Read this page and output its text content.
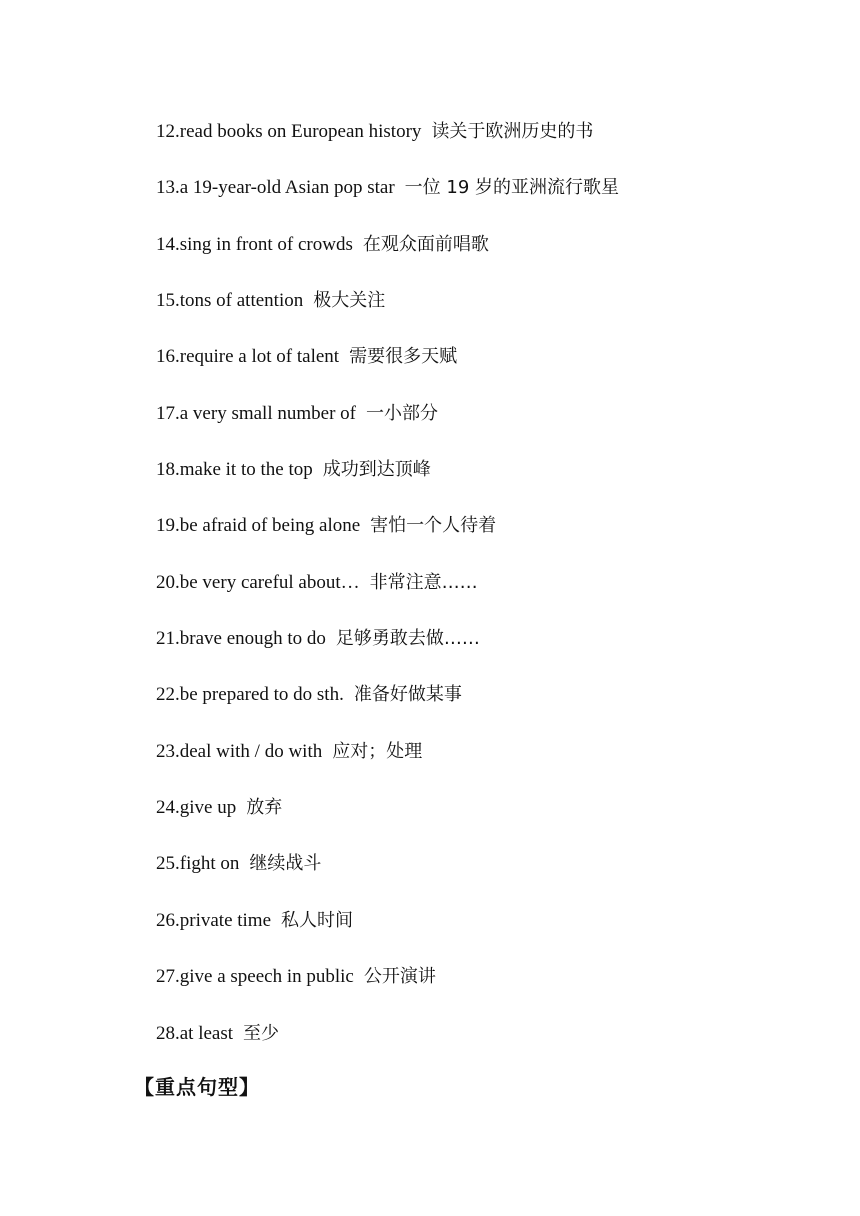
12.read books on European history 读关于欧洲历史的书
13.a 19-year-old Asian pop star 一位 19 岁的亚洲流行歌星
14.sing in front of crowds 在观众面前唱歌
15.tons of attention 极大关注
16.require a lot of talent 需要很多天赋
17.a very small number of 一小部分
18.make it to the top 成功到达顶峰
19.be afraid of being alone 害怕一个人待着
20.be very careful about… 非常注意……
21.brave enough to do 足够勇敢去做……
22.be prepared to do sth. 准备好做某事
23.deal with / do with 应对；处理
24.give up 放弃
25.fight on 继续战斗
26.private time 私人时间
27.give a speech in public 公开演讲
28.at least 至少
【重点句型】
